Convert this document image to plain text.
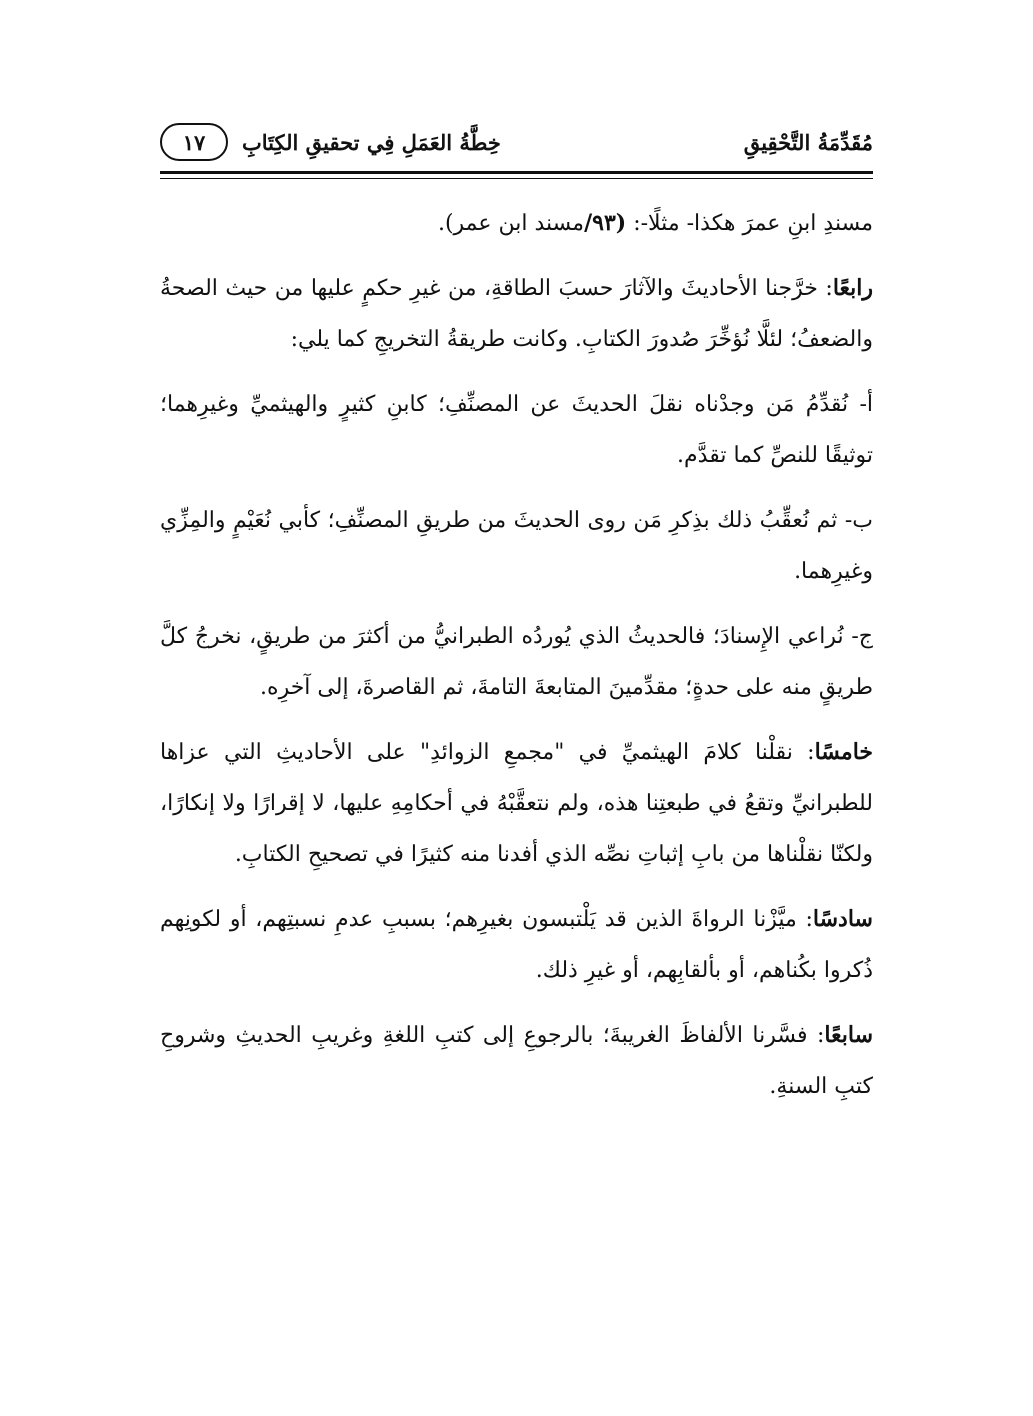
مُقَدِّمَةُ التَّحْقِيقِ
خِطَّةُ العَمَلِ فِي تحقيقِ الكِتَابِ
١٧

مسندِ ابنِ عمرَ هكذا- مثلًا-: (٩٣/مسند ابن عمر).

رابعًا: خرَّجنا الأحاديثَ والآثارَ حسبَ الطاقةِ، من غيرِ حكمٍ عليها من حيث الصحةُ والضعفُ؛ لئلَّا نُؤخِّرَ صُدورَ الكتابِ. وكانت طريقةُ التخريجِ كما يلي:

أ- نُقدِّمُ مَن وجدْناه نقلَ الحديثَ عن المصنِّفِ؛ كابنِ كثيرٍ والهيثميِّ وغيرِهما؛ توثيقًا للنصِّ كما تقدَّم.

ب- ثم نُعقِّبُ ذلك بذِكرِ مَن روى الحديثَ من طريقِ المصنِّفِ؛ كأبي نُعَيْمٍ والمِزِّي وغيرِهما.

ج- نُراعي الإِسنادَ؛ فالحديثُ الذي يُوردُه الطبرانيُّ من أكثرَ من طريقٍ، نخرجُ كلَّ طريقٍ منه على حدةٍ؛ مقدِّمينَ المتابعةَ التامةَ، ثم القاصرةَ، إلى آخرِه.

خامسًا: نقلْنا كلامَ الهيثميِّ في "مجمعِ الزوائدِ" على الأحاديثِ التي عزاها للطبرانيِّ وتقعُ في طبعتِنا هذه، ولم نتعقَّبْهُ في أحكامِهِ عليها، لا إقرارًا ولا إنكارًا، ولكنّا نقلْناها من بابِ إثباتِ نصِّه الذي أفدنا منه كثيرًا في تصحيحِ الكتابِ.

سادسًا: ميَّزْنا الرواةَ الذين قد يَلْتبسون بغيرِهم؛ بسببِ عدمِ نسبتِهم، أو لكونِهم ذُكروا بكُناهم، أو بألقابِهم، أو غيرِ ذلك.

سابعًا: فسَّرنا الألفاظَ الغريبةَ؛ بالرجوعِ إلى كتبِ اللغةِ وغريبِ الحديثِ وشروحِ كتبِ السنةِ.
